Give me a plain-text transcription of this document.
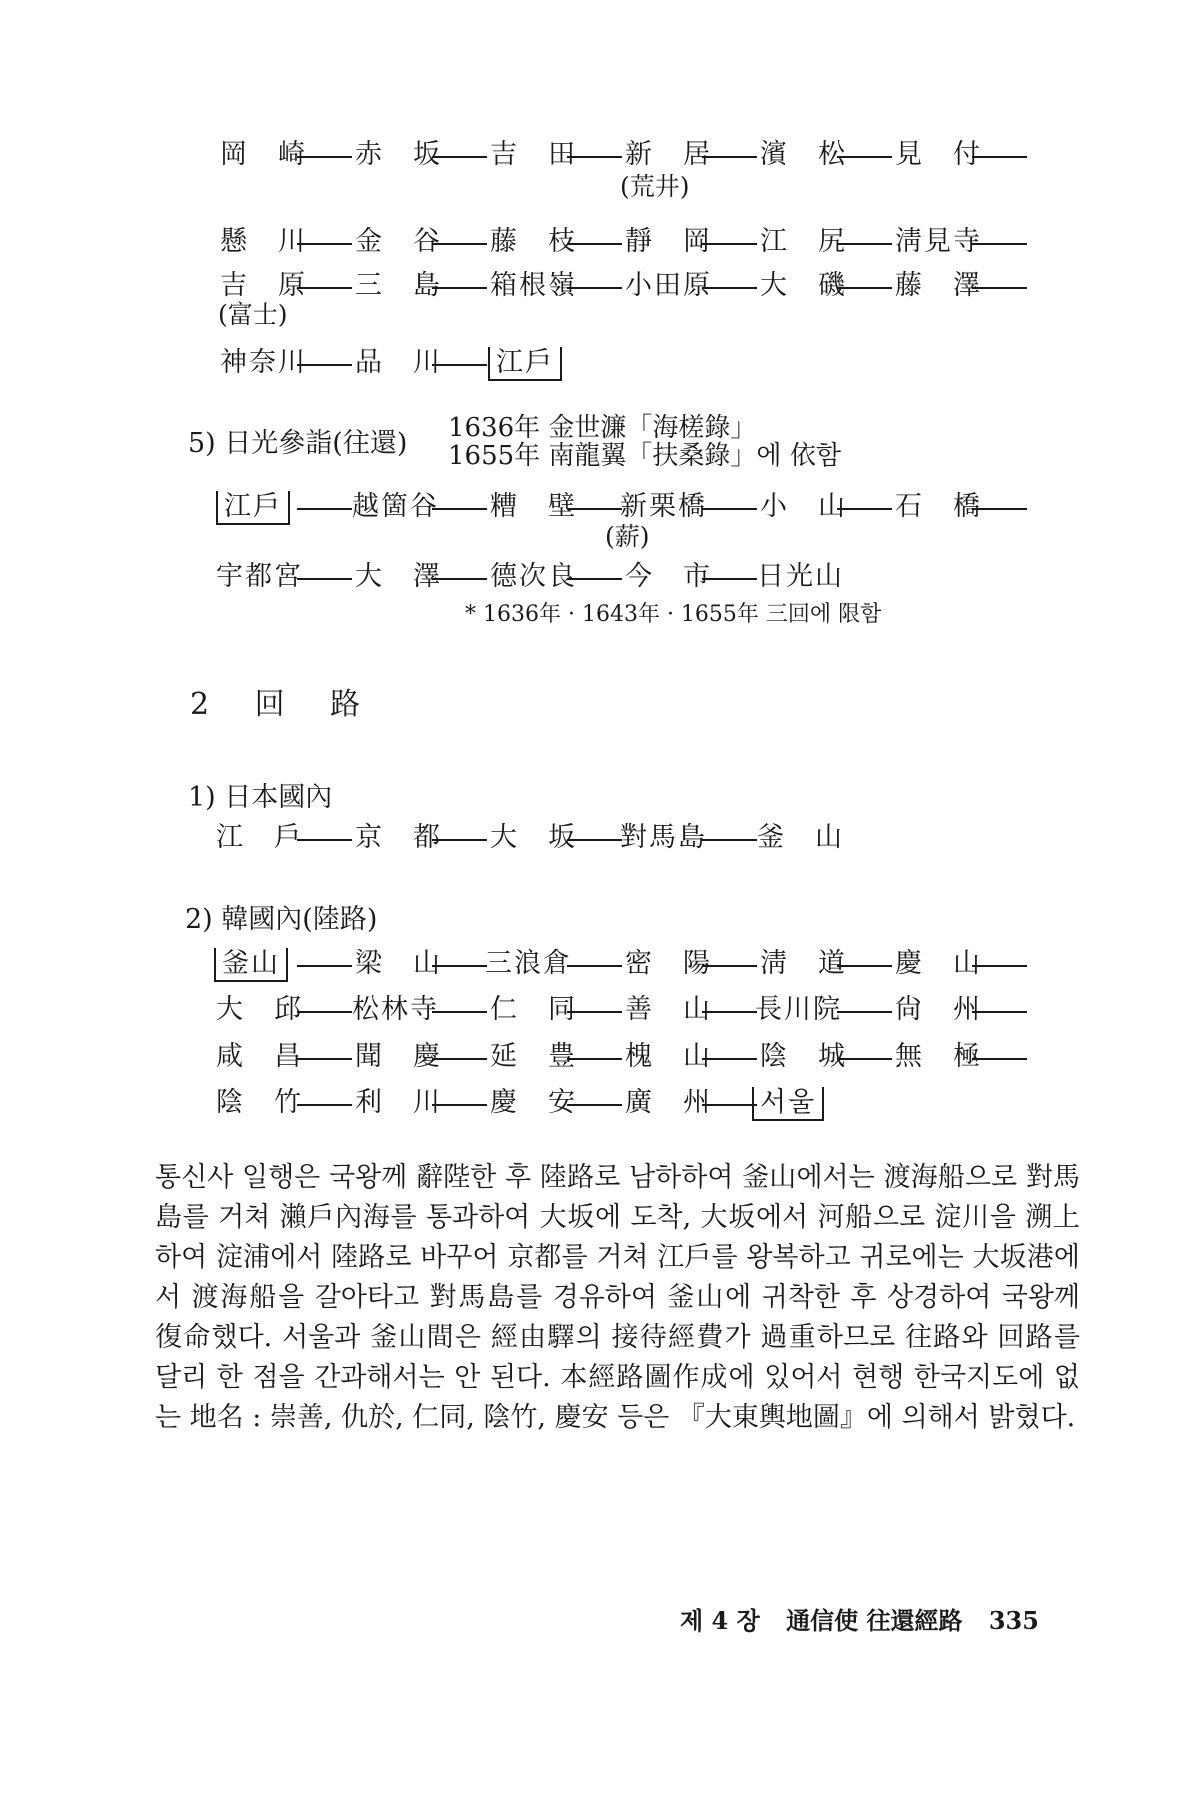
岡　崎 赤　坂 吉　田 新　居 濱　松 見　付
(荒井)
懸　川 金　谷 藤　枝 靜　岡 江　尻 淸見寺
吉　原 三　島 箱根嶺 小田原 大　磯 藤　澤
(富士)
神奈川 品　川 江戶
5) 日光參詣(往還) 1636年 金世濂「海槎錄」
1655年 南龍翼「扶桑錄」에 依함
江戶	越箇谷 糟　壁 新栗橋 小　山 石　橋
(薪)
宇都宮 大　澤 德次良 今　市 日光山
* 1636年 · 1643年 · 1655年 三回에 限함
2 回 路
1) 日本國內
江　戶 京　都 大　坂 對馬島 釜　山
2) 韓國內(陸路)
釜山	梁　山 三浪倉 密　陽 淸　道 慶　山
大　邱 松林寺 仁　同 善　山 長川院 尙　州
咸　昌 聞　慶 延　豊 槐　山 陰　城 無　極
陰　竹 利　川 慶　安 廣　州 서울
통신사 일행은 국왕께 辭陛한 후 陸路로 남하하여 釜山에서는 渡海船으로 對馬島를 거쳐 瀨戶內海를 통과하여 大坂에 도착, 大坂에서 河船으로 淀川을 溯上하여 淀浦에서 陸路로 바꾸어 京都를 거쳐 江戶를 왕복하고 귀로에는 大坂港에서 渡海船을 갈아타고 對馬島를 경유하여 釜山에 귀착한 후 상경하여 국왕께 復命했다. 서울과 釜山間은 經由驛의 接待經費가 過重하므로 往路와 回路를 달리 한 점을 간과해서는 안 된다. 本經路圖作成에 있어서 현행 한국지도에 없는 地名 : 崇善, 仇於, 仁同, 陰竹, 慶安 등은 『大東輿地圖』에 의해서 밝혔다.
제 4 장 通信使 往還經路 335
